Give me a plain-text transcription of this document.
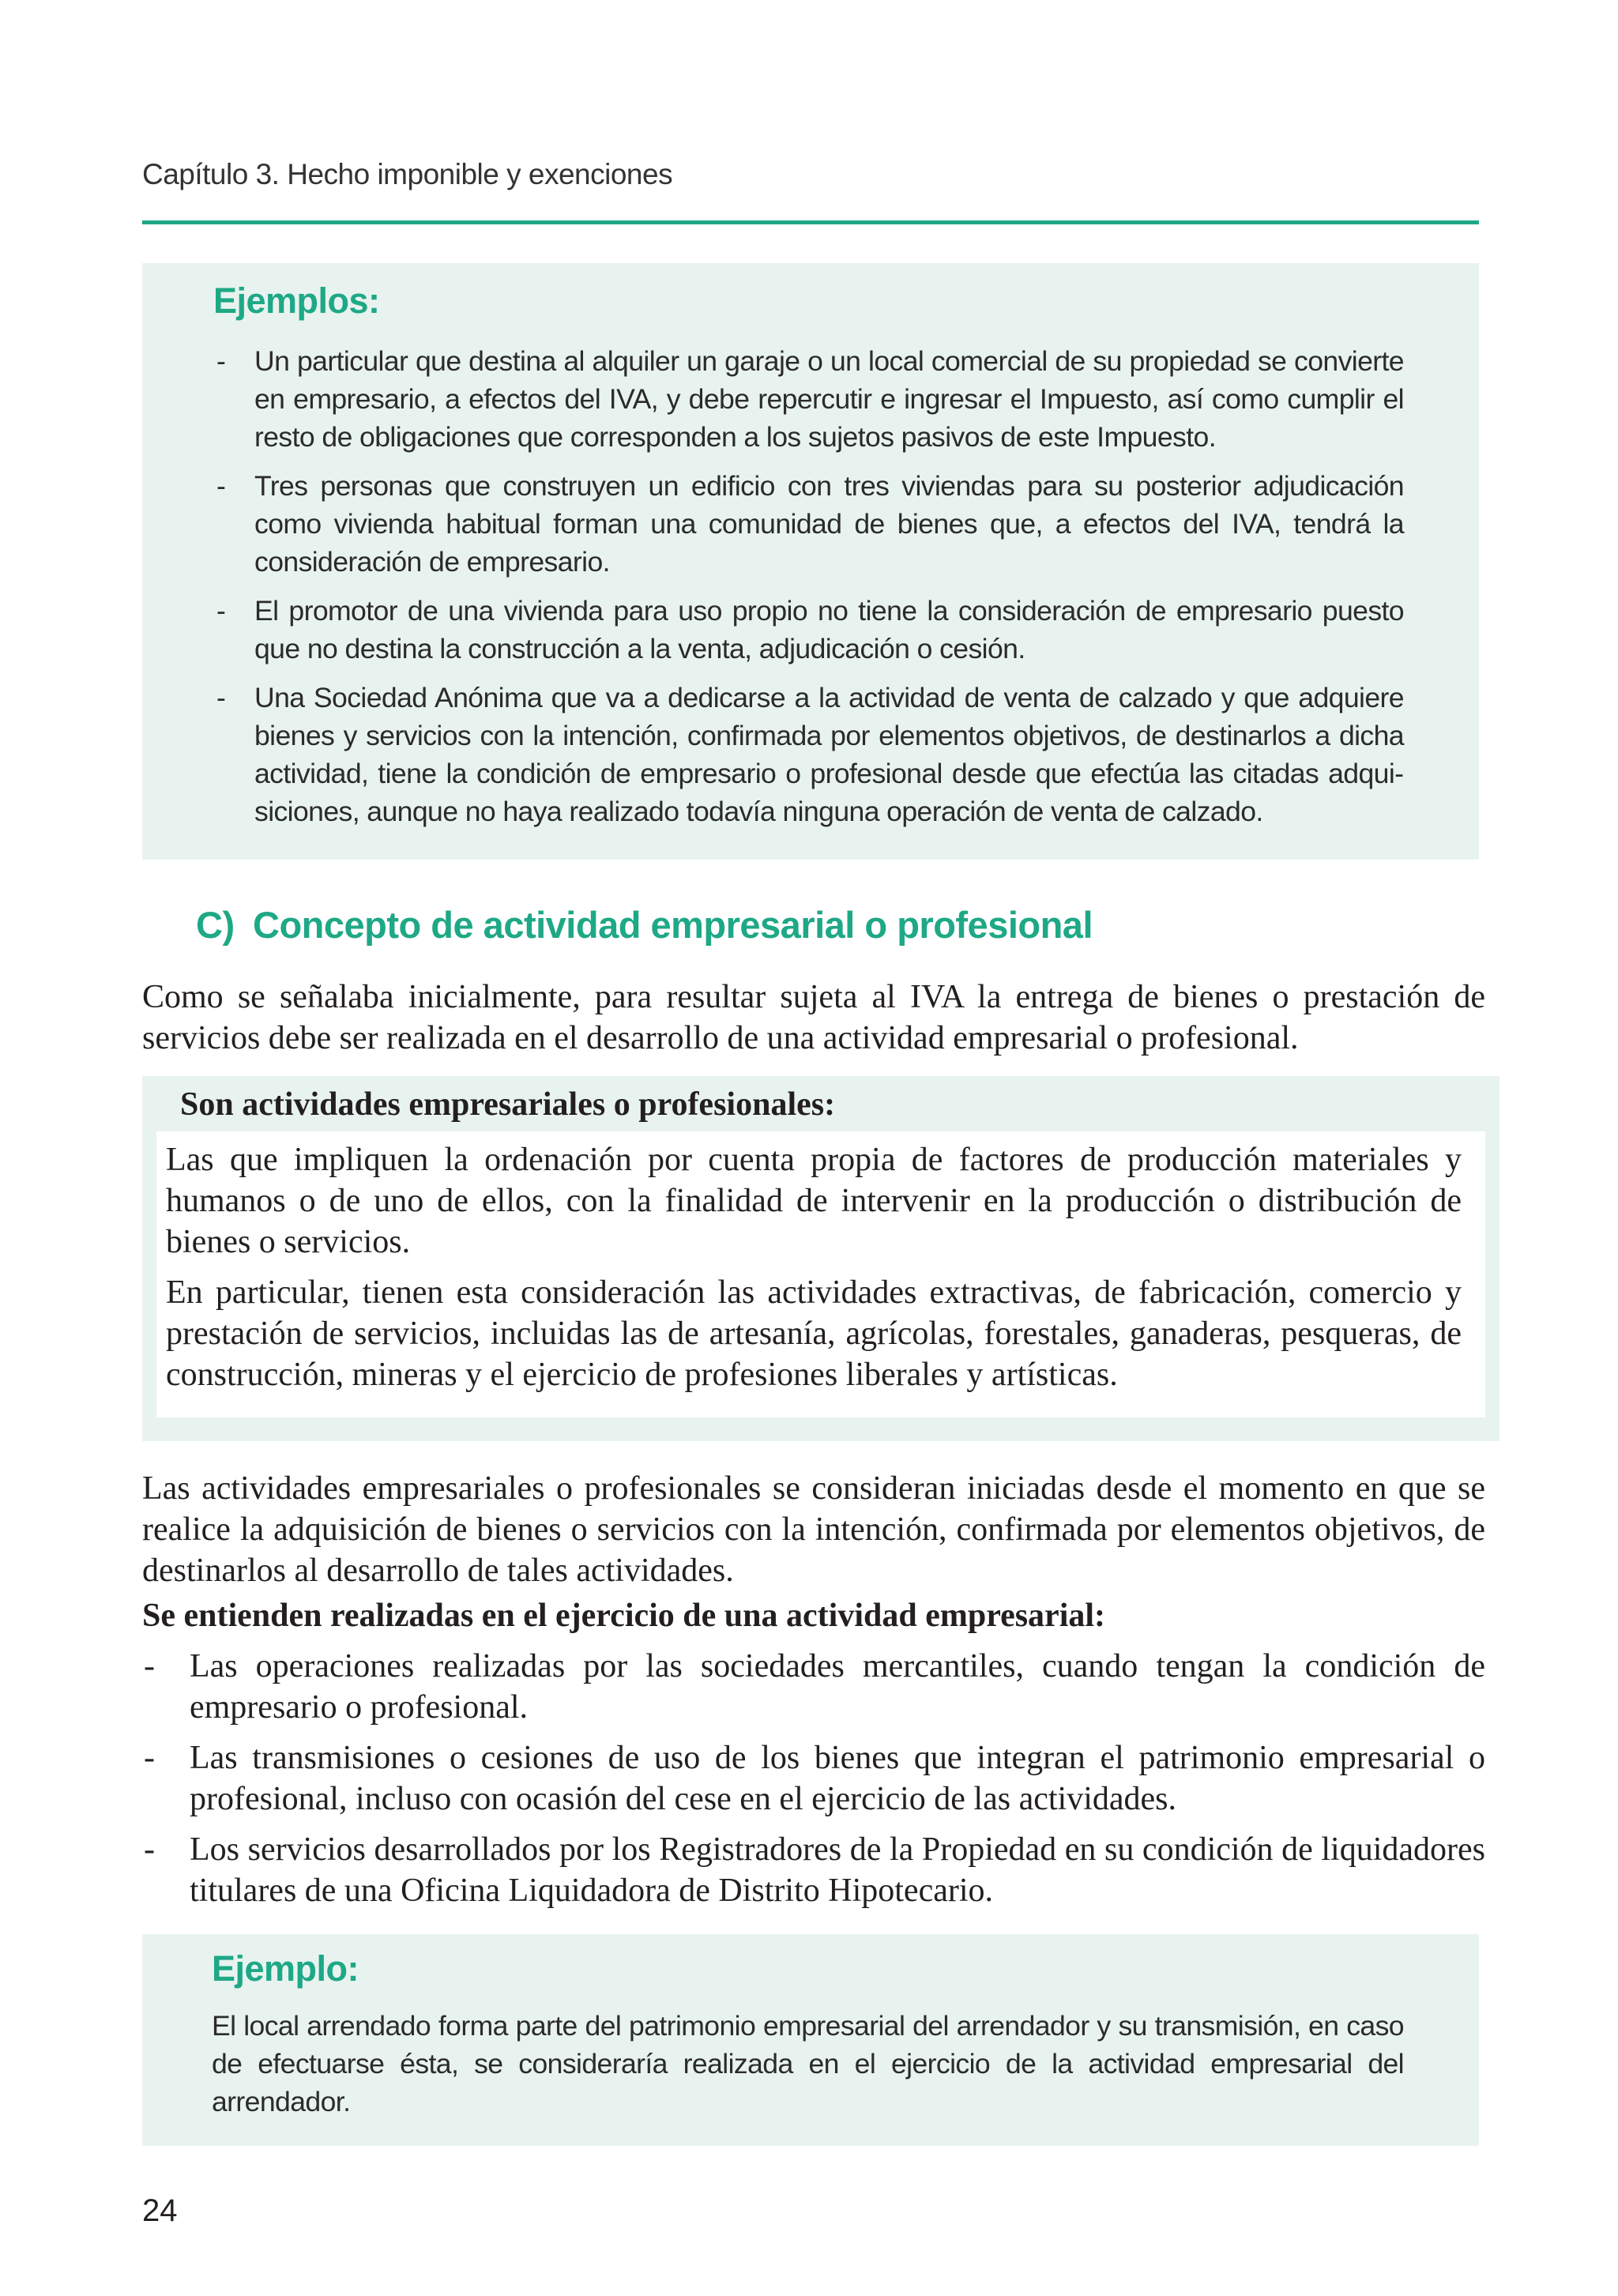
Capítulo 3. Hecho imponible y exenciones
Ejemplos:
- Un particular que destina al alquiler un garaje o un local comercial de su propiedad se convierte en empresario, a efectos del IVA, y debe repercutir e ingresar el Impuesto, así como cumplir el resto de obligaciones que corresponden a los sujetos pasivos de este Impuesto.
- Tres personas que construyen un edificio con tres viviendas para su posterior adjudicación como vivienda habitual forman una comunidad de bienes que, a efectos del IVA, tendrá la consideración de empresario.
- El promotor de una vivienda para uso propio no tiene la consideración de empresario puesto que no destina la construcción a la venta, adjudicación o cesión.
- Una Sociedad Anónima que va a dedicarse a la actividad de venta de calzado y que adquiere bienes y servicios con la intención, confirmada por elementos objetivos, de destinarlos a dicha actividad, tiene la condición de empresario o profesional desde que efectúa las citadas adquisiciones, aunque no haya realizado todavía ninguna operación de venta de calzado.
C) Concepto de actividad empresarial o profesional

Como se señalaba inicialmente, para resultar sujeta al IVA la entrega de bienes o prestación de servicios debe ser realizada en el desarrollo de una actividad empresarial o profesional.

Son actividades empresariales o profesionales:

Las que impliquen la ordenación por cuenta propia de factores de producción materiales y humanos o de uno de ellos, con la finalidad de intervenir en la producción o distribución de bienes o servicios.

En particular, tienen esta consideración las actividades extractivas, de fabricación, comercio y prestación de servicios, incluidas las de artesanía, agrícolas, forestales, ganaderas, pesqueras, de construcción, mineras y el ejercicio de profesiones liberales y artísticas.

Las actividades empresariales o profesionales se consideran iniciadas desde el momento en que se realice la adquisición de bienes o servicios con la intención, confirmada por elementos objetivos, de destinarlos al desarrollo de tales actividades.

Se entienden realizadas en el ejercicio de una actividad empresarial:
- Las operaciones realizadas por las sociedades mercantiles, cuando tengan la condición de empresario o profesional.
- Las transmisiones o cesiones de uso de los bienes que integran el patrimonio empresarial o profesional, incluso con ocasión del cese en el ejercicio de las actividades.
- Los servicios desarrollados por los Registradores de la Propiedad en su condición de liquidadores titulares de una Oficina Liquidadora de Distrito Hipotecario.
Ejemplo:

El local arrendado forma parte del patrimonio empresarial del arrendador y su transmisión, en caso de efectuarse ésta, se consideraría realizada en el ejercicio de la actividad empresarial del arrendador.

24
